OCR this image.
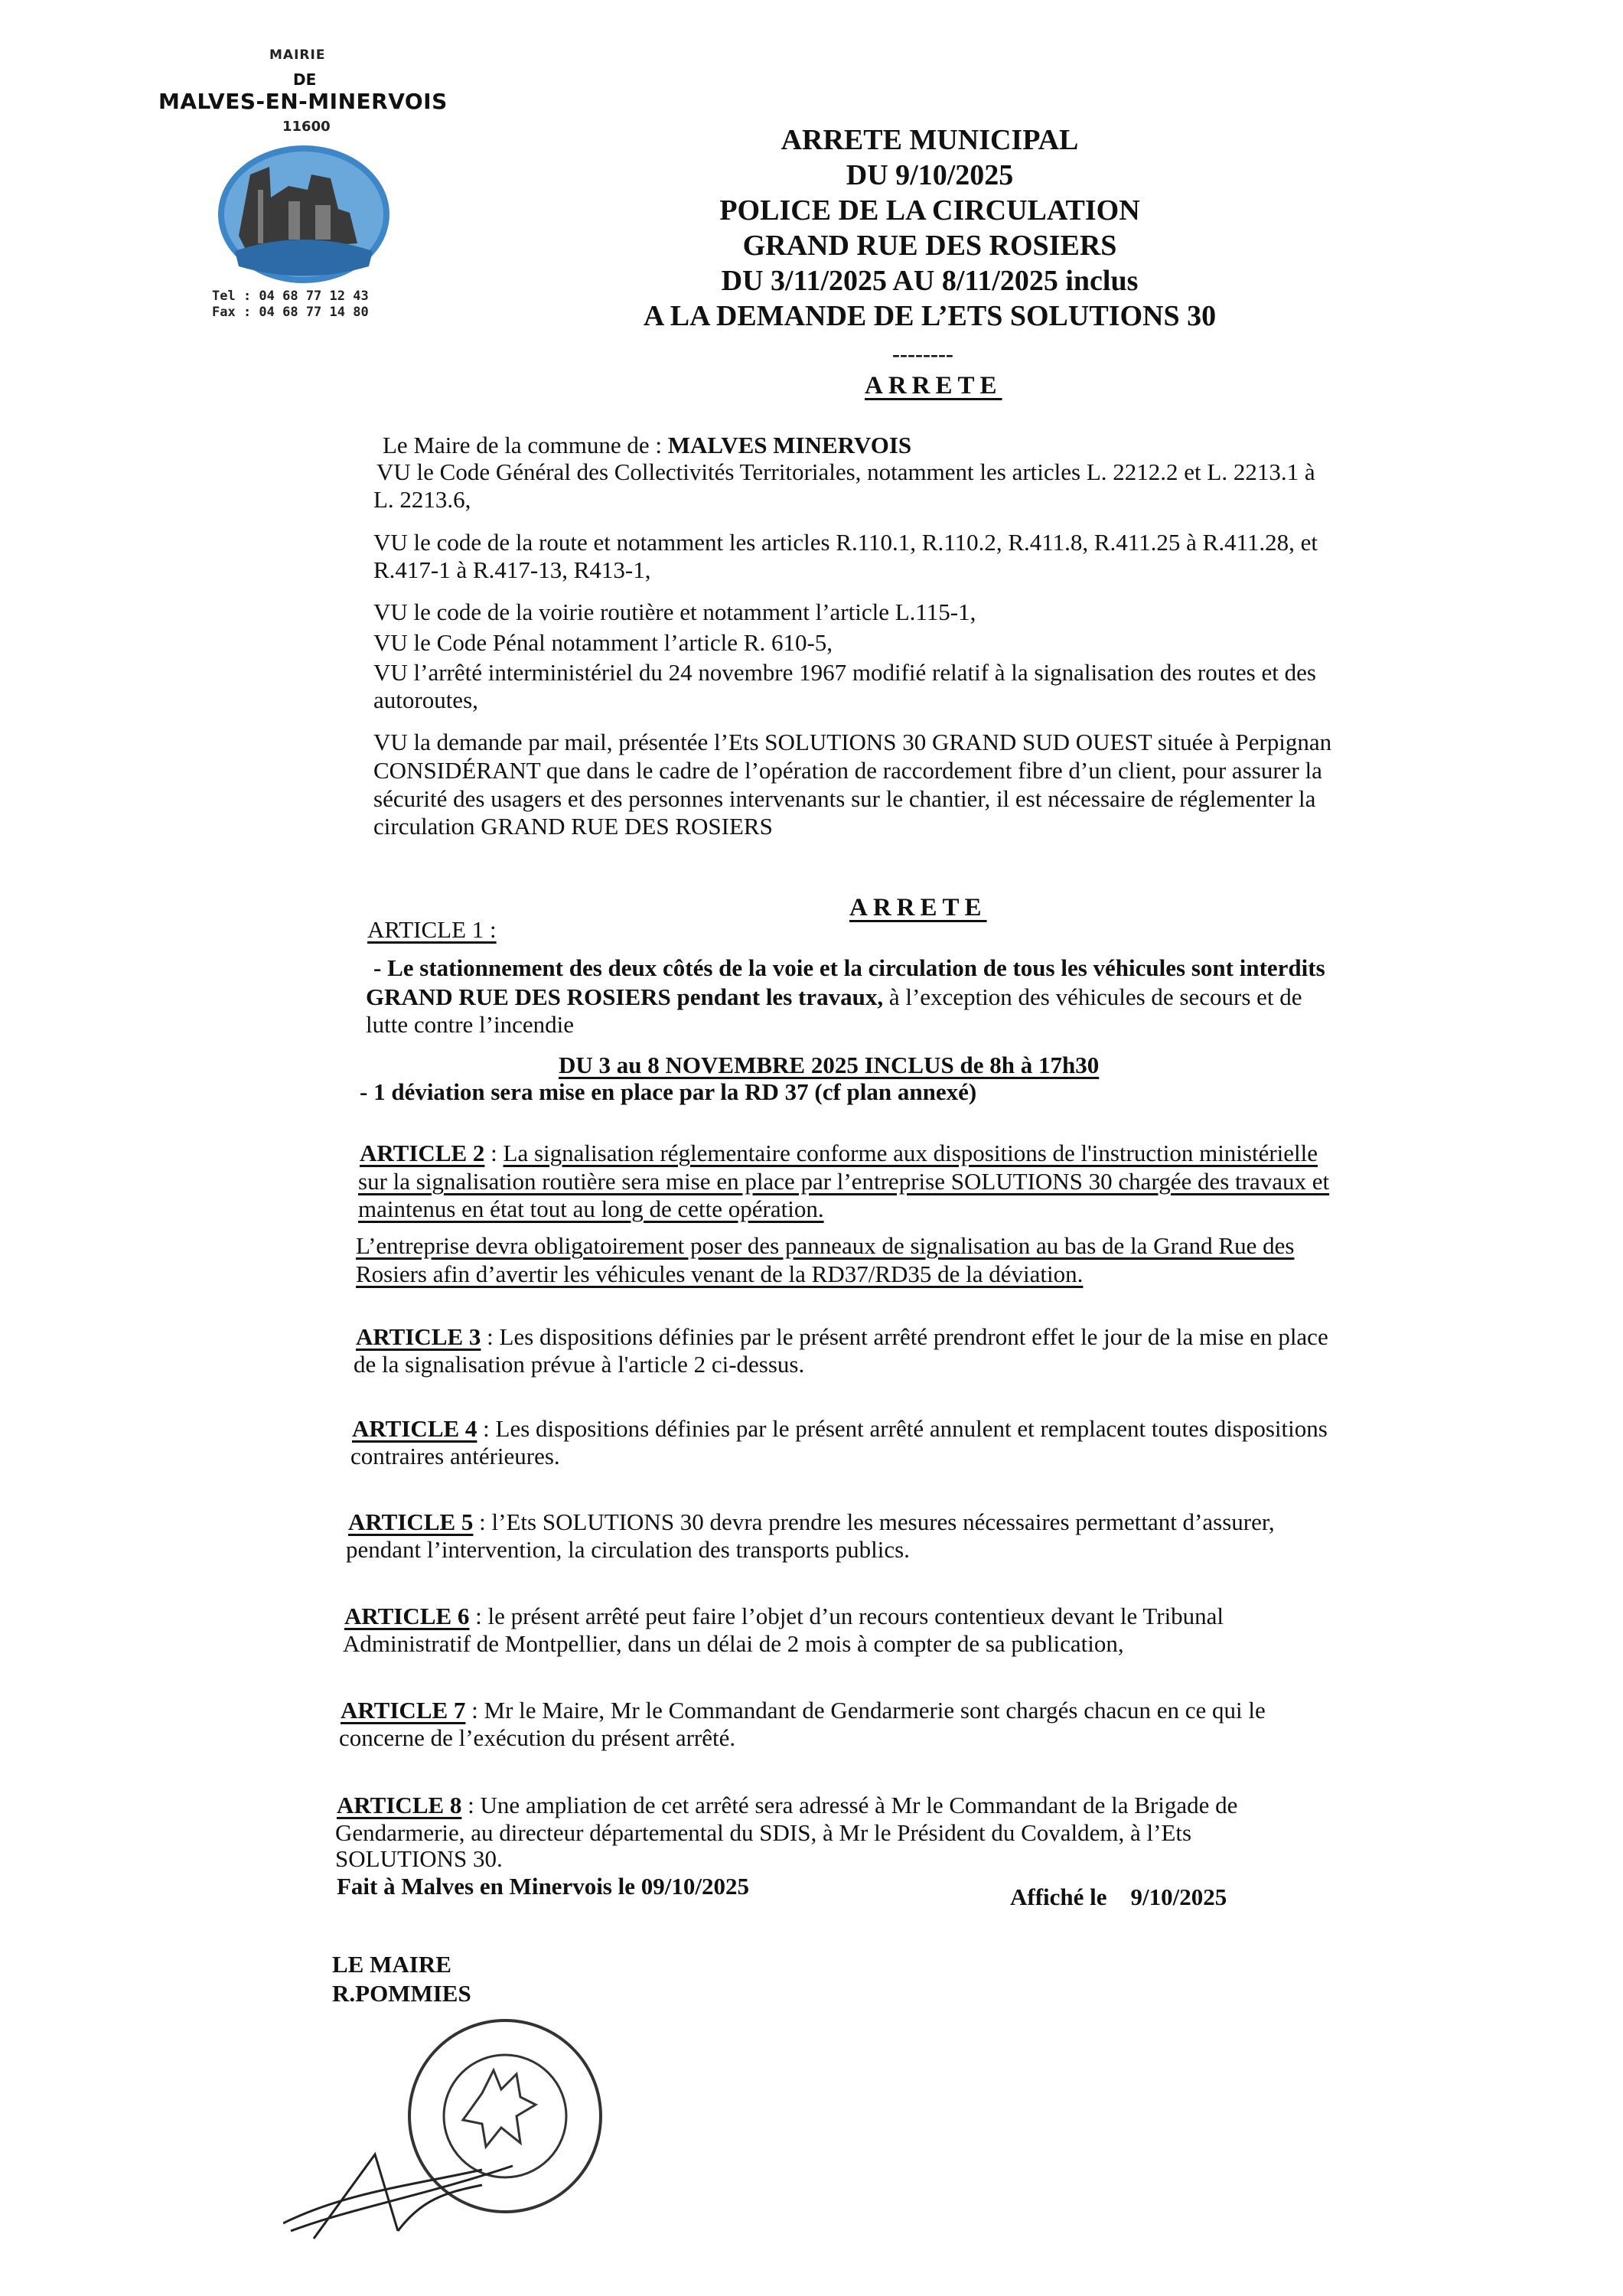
MAIRIE
DE
MALVES-EN-MINERVOIS
11600
Tel : 04 68 77 12 43
Fax : 04 68 77 14 80
ARRETE MUNICIPAL
DU 9/10/2025
POLICE DE LA CIRCULATION
GRAND RUE DES ROSIERS
DU 3/11/2025 AU 8/11/2025 inclus
A LA DEMANDE DE L’ETS SOLUTIONS 30
--------
ARRETE
Le Maire de la commune de : MALVES MINERVOIS
VU le Code Général des Collectivités Territoriales, notamment les articles L. 2212.2 et L. 2213.1 à
L. 2213.6,
VU le code de la route et notamment les articles R.110.1, R.110.2, R.411.8, R.411.25 à R.411.28, et
R.417-1 à R.417-13, R413-1,
VU le code de la voirie routière et notamment l’article L.115-1,
VU le Code Pénal notamment l’article R. 610-5,
VU l’arrêté interministériel du 24 novembre 1967 modifié relatif à la signalisation des routes et des
autoroutes,
VU la demande par mail, présentée l’Ets SOLUTIONS 30 GRAND SUD OUEST située à Perpignan
CONSIDÉRANT que dans le cadre de l’opération de raccordement fibre d’un client, pour assurer la
sécurité des usagers et des personnes intervenants sur le chantier, il est nécessaire de réglementer la
circulation GRAND RUE DES ROSIERS
ARRETE
ARTICLE 1 :
- Le stationnement des deux côtés de la voie et la circulation de tous les véhicules sont interdits
GRAND RUE DES ROSIERS pendant les travaux, à l’exception des véhicules de secours et de
lutte contre l’incendie
DU 3 au 8 NOVEMBRE 2025 INCLUS de 8h à 17h30
- 1 déviation sera mise en place par la RD 37 (cf plan annexé)
ARTICLE 2 : La signalisation réglementaire conforme aux dispositions de l'instruction ministérielle
sur la signalisation routière sera mise en place par l’entreprise SOLUTIONS 30 chargée des travaux et
maintenus en état tout au long de cette opération.
L’entreprise devra obligatoirement poser des panneaux de signalisation au bas de la Grand Rue des
Rosiers afin d’avertir les véhicules venant de la RD37/RD35 de la déviation.
ARTICLE 3 : Les dispositions définies par le présent arrêté prendront effet le jour de la mise en place
de la signalisation prévue à l'article 2 ci-dessus.
ARTICLE 4 : Les dispositions définies par le présent arrêté annulent et remplacent toutes dispositions
contraires antérieures.
ARTICLE 5 : l’Ets SOLUTIONS 30 devra prendre les mesures nécessaires permettant d’assurer,
pendant l’intervention, la circulation des transports publics.
ARTICLE 6 : le présent arrêté peut faire l’objet d’un recours contentieux devant le Tribunal
Administratif de Montpellier, dans un délai de 2 mois à compter de sa publication,
ARTICLE 7 : Mr le Maire, Mr le Commandant de Gendarmerie sont chargés chacun en ce qui le
concerne de l’exécution du présent arrêté.
ARTICLE 8 : Une ampliation de cet arrêté sera adressé à Mr le Commandant de la Brigade de
Gendarmerie, au directeur départemental du SDIS, à Mr le Président du Covaldem, à l’Ets
SOLUTIONS 30.
Fait à Malves en Minervois le 09/10/2025	Affiché le 9/10/2025
LE MAIRE
R.POMMIES
